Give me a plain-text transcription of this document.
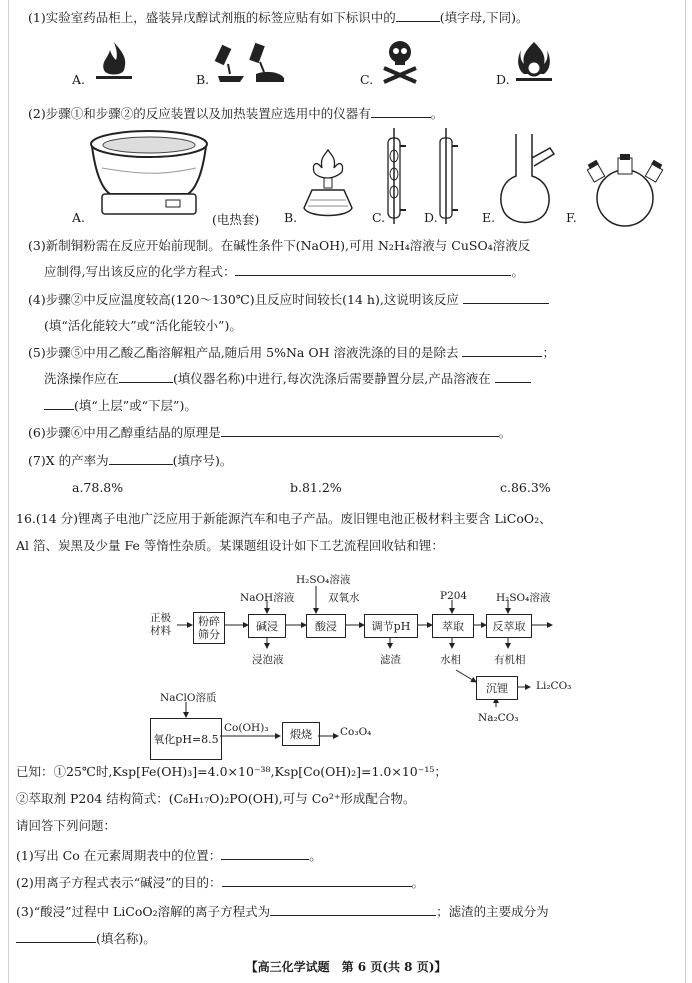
(1)实验室药品柜上，盛装异戊醇试剂瓶的标签应贴有如下标识中的	(填字母,下同)。
A.	B.	C.	D.
(2)步骤①和步骤②的反应装置以及加热装置应选用中的仪器有	。
A.	(电热套) B.	C.	D.	E.	F.
(3)新制铜粉需在反应开始前现制。在碱性条件下(NaOH),可用 N₂H₄溶液与 CuSO₄溶液反
应制得,写出该反应的化学方程式：	。
(4)步骤②中反应温度较高(120～130℃)且反应时间较长(14 h),这说明该反应
(填“活化能较大”或“活化能较小”)。
(5)步骤⑤中用乙酸乙酯溶解粗产品,随后用 5%Na OH 溶液洗涤的目的是除去	；
洗涤操作应在	(填仪器名称)中进行,每次洗涤后需要静置分层,产品溶液在
(填“上层”或“下层”)。
(6)步骤⑥中用乙醇重结晶的原理是	。
(7)X 的产率为	(填序号)。
a.78.8%	b.81.2%	c.86.3%
16.(14 分)锂离子电池广泛应用于新能源汽车和电子产品。废旧锂电池正极材料主要含 LiCoO₂、
Al 箔、炭黑及少量 Fe 等惰性杂质。某课题组设计如下工艺流程回收钴和锂：
正极
材料
粉碎
筛分
碱浸	酸浸	调节pH	萃取	反萃取
沉锂
氧化pH=8.5	煅烧
NaOH溶液
H₂SO₄溶液
双氧水	P204	H₂SO₄溶液
NaClO溶质
Co(OH)₃
Na₂CO₃
浸泡液	滤渣	水相	有机相
Li₂CO₃
Co₃O₄
已知：①25℃时,Ksp[Fe(OH)₃]=4.0×10⁻³⁸,Ksp[Co(OH)₂]=1.0×10⁻¹⁵；
②萃取剂 P204 结构简式：(C₈H₁₇O)₂PO(OH),可与 Co²⁺形成配合物。
请回答下列问题：
(1)写出 Co 在元素周期表中的位置：	。
(2)用离子方程式表示“碱浸”的目的：	。
(3)“酸浸”过程中 LiCoO₂溶解的离子方程式为	；滤渣的主要成分为
(填名称)。
【高三化学试题　第 6 页(共 8 页)】
